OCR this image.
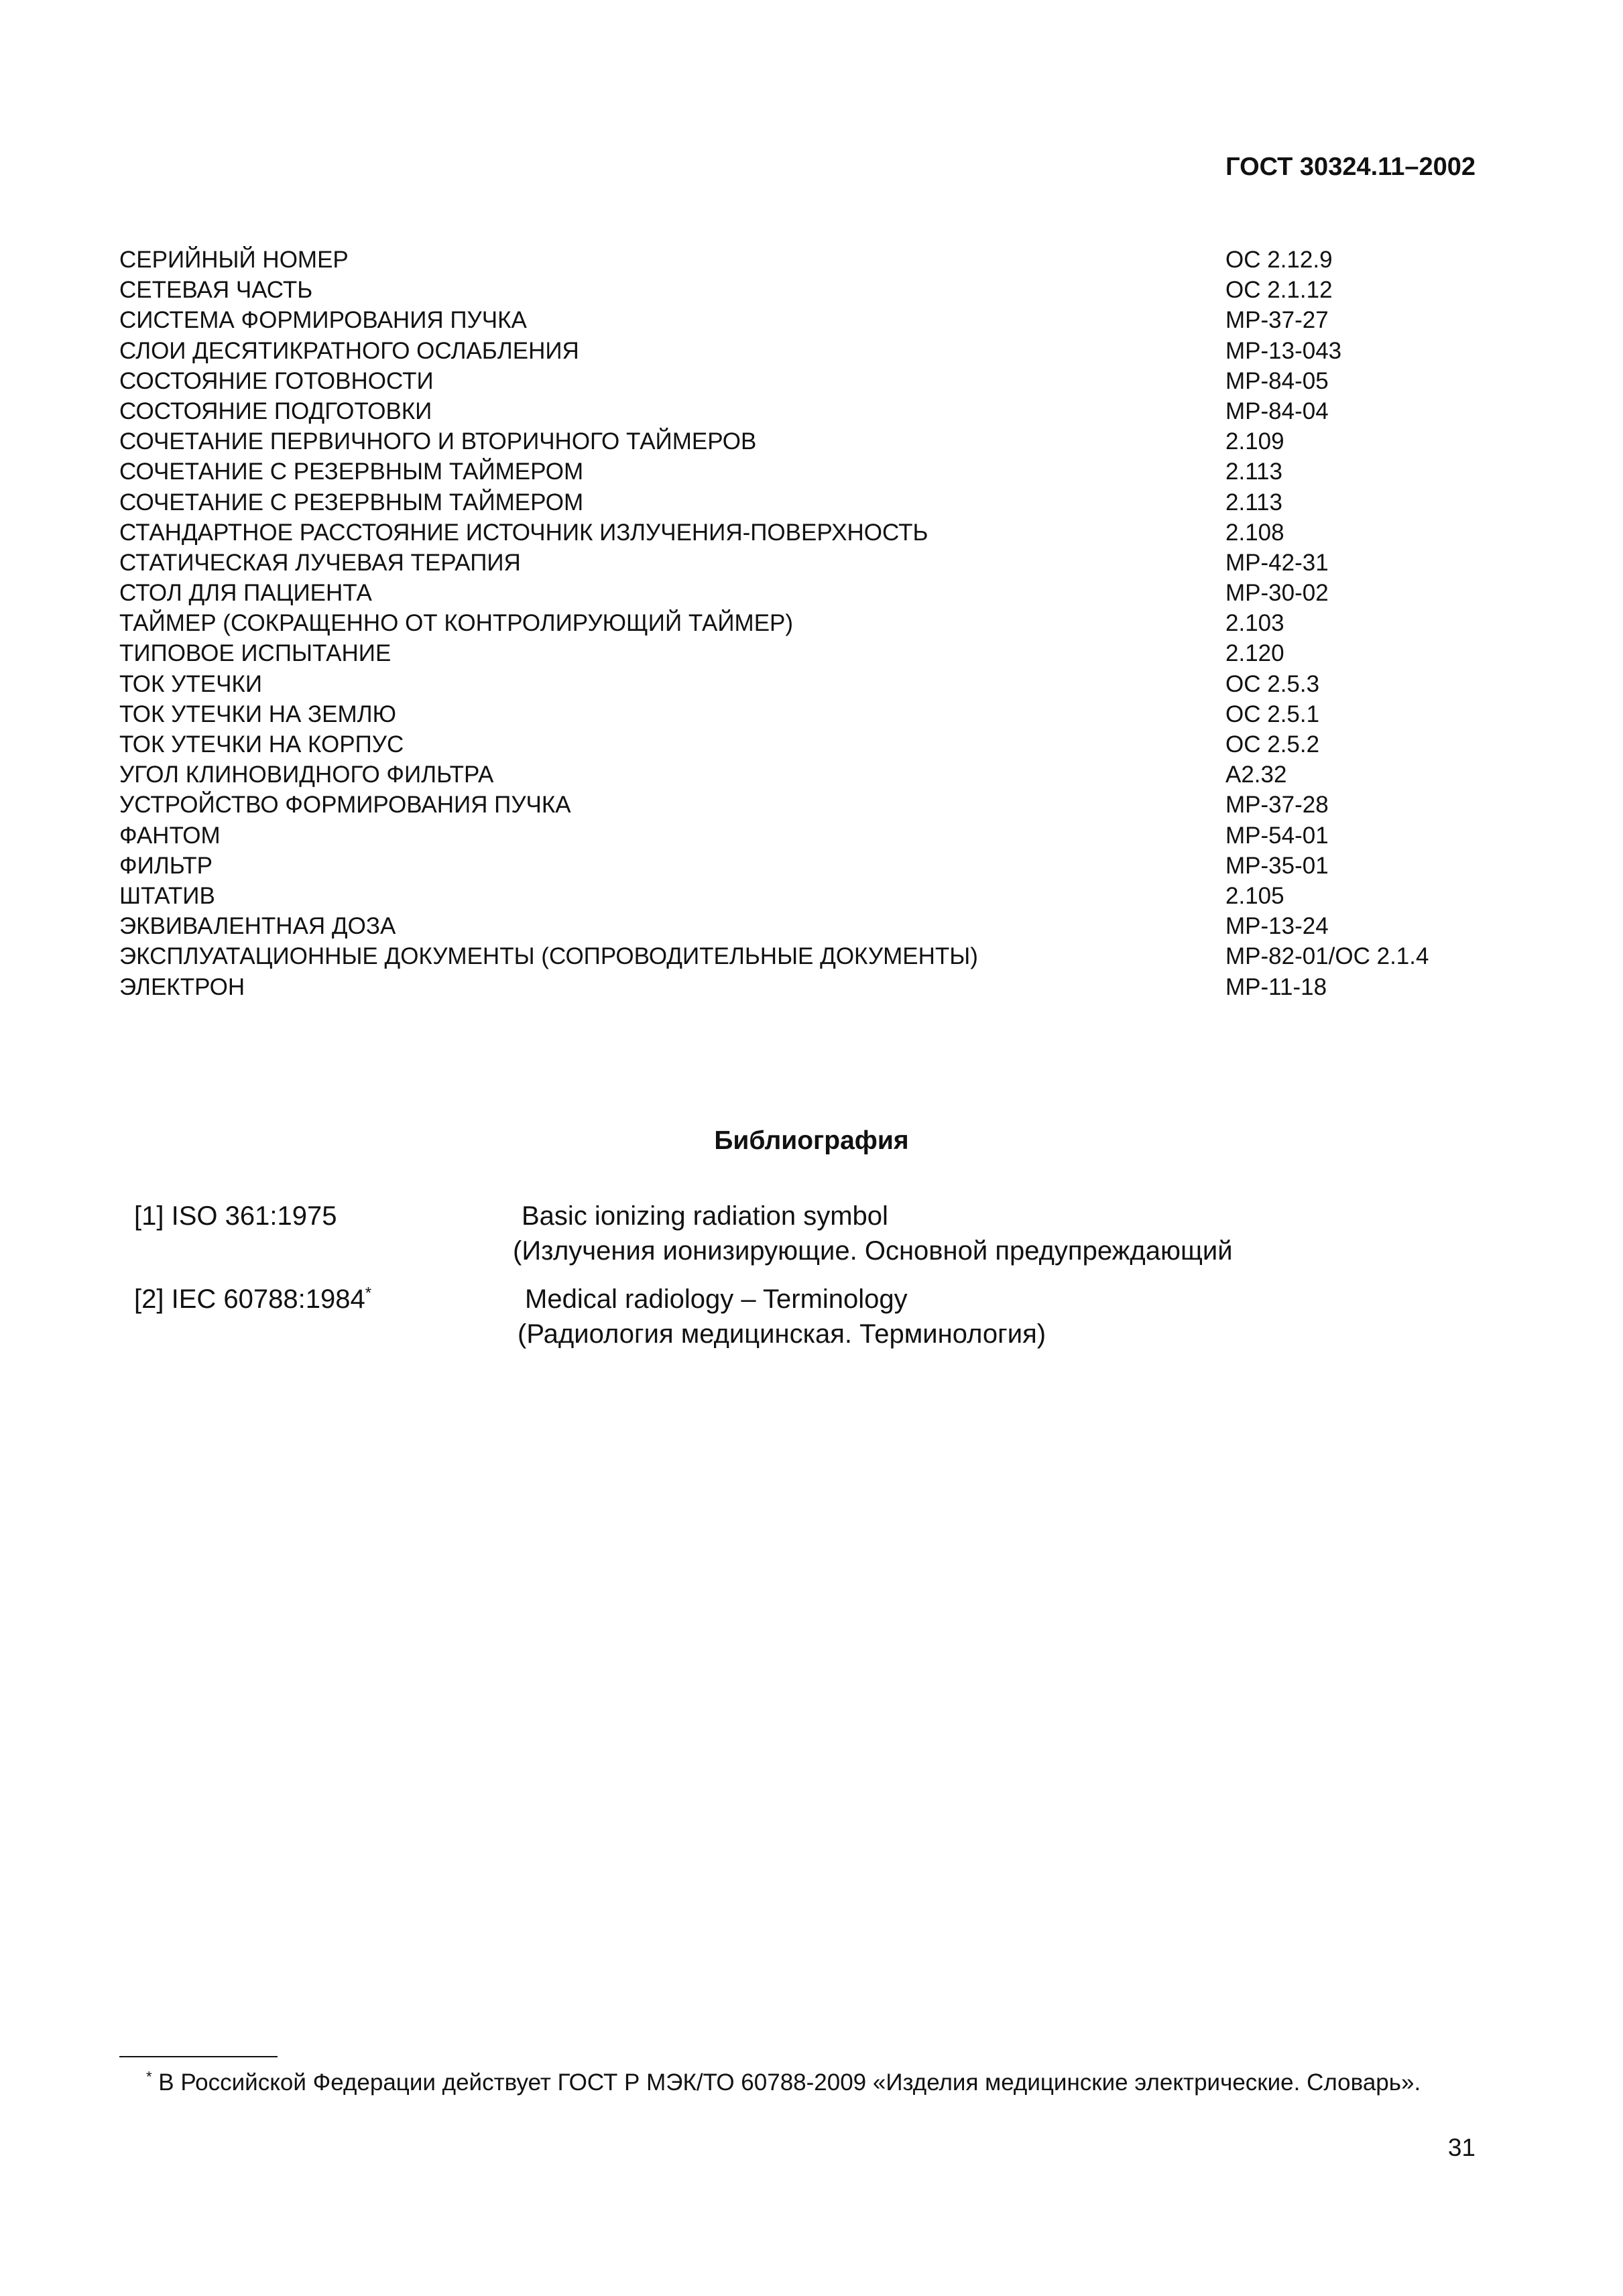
ГОСТ 30324.11–2002
СЕРИЙНЫЙ НОМЕР	ОС 2.12.9
СЕТЕВАЯ ЧАСТЬ	ОС 2.1.12
СИСТЕМА ФОРМИРОВАНИЯ ПУЧКА	МР-37-27
СЛОИ ДЕСЯТИКРАТНОГО ОСЛАБЛЕНИЯ	МР-13-043
СОСТОЯНИЕ ГОТОВНОСТИ	МР-84-05
СОСТОЯНИЕ ПОДГОТОВКИ	МР-84-04
СОЧЕТАНИЕ ПЕРВИЧНОГО И ВТОРИЧНОГО ТАЙМЕРОВ	2.109
СОЧЕТАНИЕ С РЕЗЕРВНЫМ ТАЙМЕРОМ	2.113
СОЧЕТАНИЕ С РЕЗЕРВНЫМ ТАЙМЕРОМ	2.113
СТАНДАРТНОЕ РАССТОЯНИЕ ИСТОЧНИК ИЗЛУЧЕНИЯ-ПОВЕРХНОСТЬ	2.108
СТАТИЧЕСКАЯ ЛУЧЕВАЯ ТЕРАПИЯ	МР-42-31
СТОЛ ДЛЯ ПАЦИЕНТА	МР-30-02
ТАЙМЕР (СОКРАЩЕННО ОТ КОНТРОЛИРУЮЩИЙ ТАЙМЕР)	2.103
ТИПОВОЕ ИСПЫТАНИЕ	2.120
ТОК УТЕЧКИ	ОС 2.5.3
ТОК УТЕЧКИ НА ЗЕМЛЮ	ОС 2.5.1
ТОК УТЕЧКИ НА КОРПУС	ОС 2.5.2
УГОЛ КЛИНОВИДНОГО ФИЛЬТРА	А2.32
УСТРОЙСТВО ФОРМИРОВАНИЯ ПУЧКА	МР-37-28
ФАНТОМ	МР-54-01
ФИЛЬТР	МР-35-01
ШТАТИВ	2.105
ЭКВИВАЛЕНТНАЯ ДОЗА	МР-13-24
ЭКСПЛУАТАЦИОННЫЕ ДОКУМЕНТЫ (СОПРОВОДИТЕЛЬНЫЕ ДОКУМЕНТЫ)	МР-82-01/ОС 2.1.4
ЭЛЕКТРОН	МР-11-18
Библиография
[1] ISO 361:1975	Basic ionizing radiation symbol
(Излучения ионизирующие. Основной предупреждающий
[2] IEC 60788:1984*	Medical radiology – Terminology
(Радиология медицинская. Терминология)
* В Российской Федерации действует ГОСТ Р МЭК/ТО 60788-2009 «Изделия медицинские электрические. Словарь».
31
